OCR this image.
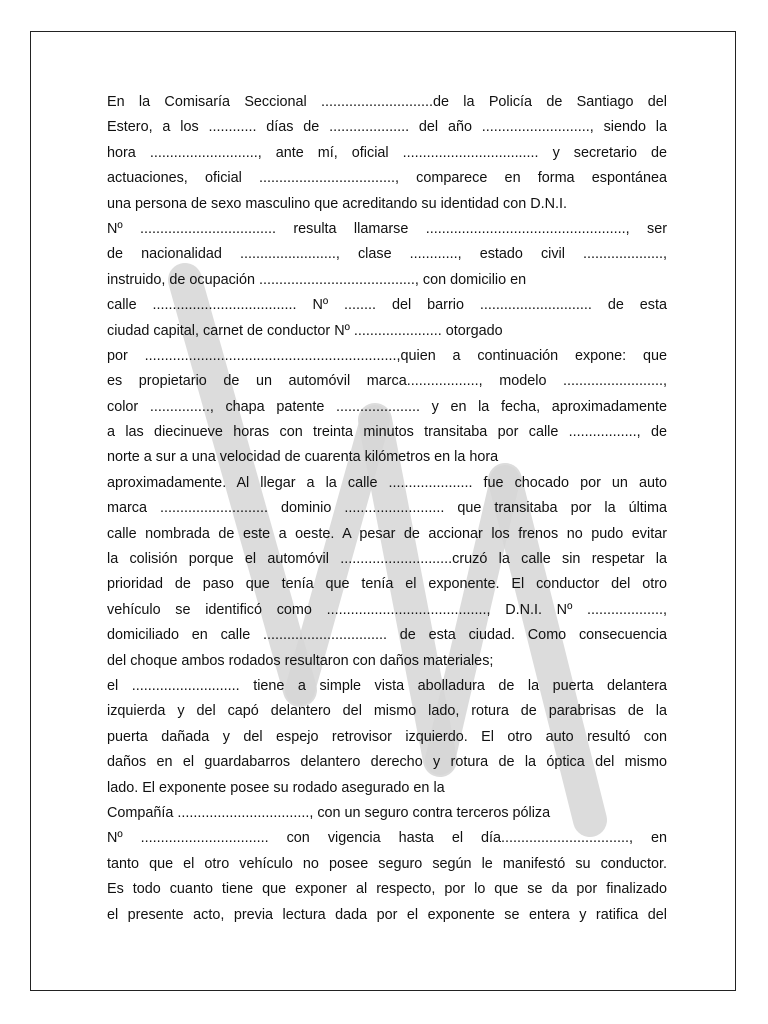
En la Comisaría Seccional ............................de la Policía de Santiago del
Estero, a los ............ días de .................... del año ..........................., siendo la
hora ..........................., ante mí, oficial .................................. y secretario de
actuaciones, oficial .................................., comparece en forma espontánea
una persona de sexo masculino que acreditando su identidad con D.N.I.
Nº .................................. resulta llamarse .................................................., ser
de nacionalidad ........................, clase ............, estado civil ....................,
instruido, de ocupación ......................................., con domicilio en
calle .................................... Nº ........ del barrio ............................ de esta
ciudad capital, carnet de conductor Nº ...................... otorgado
por ...............................................................,quien a continuación expone: que
es propietario de un automóvil marca.................., modelo .........................,
color ..............., chapa patente ..................... y en la fecha, aproximadamente
a las diecinueve horas con treinta minutos transitaba por calle ................., de
norte a sur a una velocidad de cuarenta kilómetros en la hora
aproximadamente. Al llegar a la calle ..................... fue chocado por un auto
marca ........................... dominio ......................... que transitaba por la última
calle nombrada de este a oeste. A pesar de accionar los frenos no pudo evitar
la colisión porque el automóvil ............................cruzó la calle sin respetar la
prioridad de paso que tenía que tenía el exponente. El conductor del otro
vehículo se identificó como ........................................, D.N.I. Nº ...................,
domiciliado en calle ............................... de esta ciudad. Como consecuencia
del choque ambos rodados resultaron con daños materiales;
el ........................... tiene a simple vista abolladura de la puerta delantera
izquierda y del capó delantero del mismo lado, rotura de parabrisas de la
puerta dañada y del espejo retrovisor izquierdo. El otro auto resultó con
daños en el guardabarros delantero derecho y rotura de la óptica del mismo
lado. El exponente posee su rodado asegurado en la
Compañía ................................., con un seguro contra terceros póliza
Nº ................................ con vigencia hasta el día................................, en
tanto que el otro vehículo no posee seguro según le manifestó su conductor.
Es todo cuanto tiene que exponer al respecto, por lo que se da por finalizado
el presente acto, previa lectura dada por el exponente se entera y ratifica del
